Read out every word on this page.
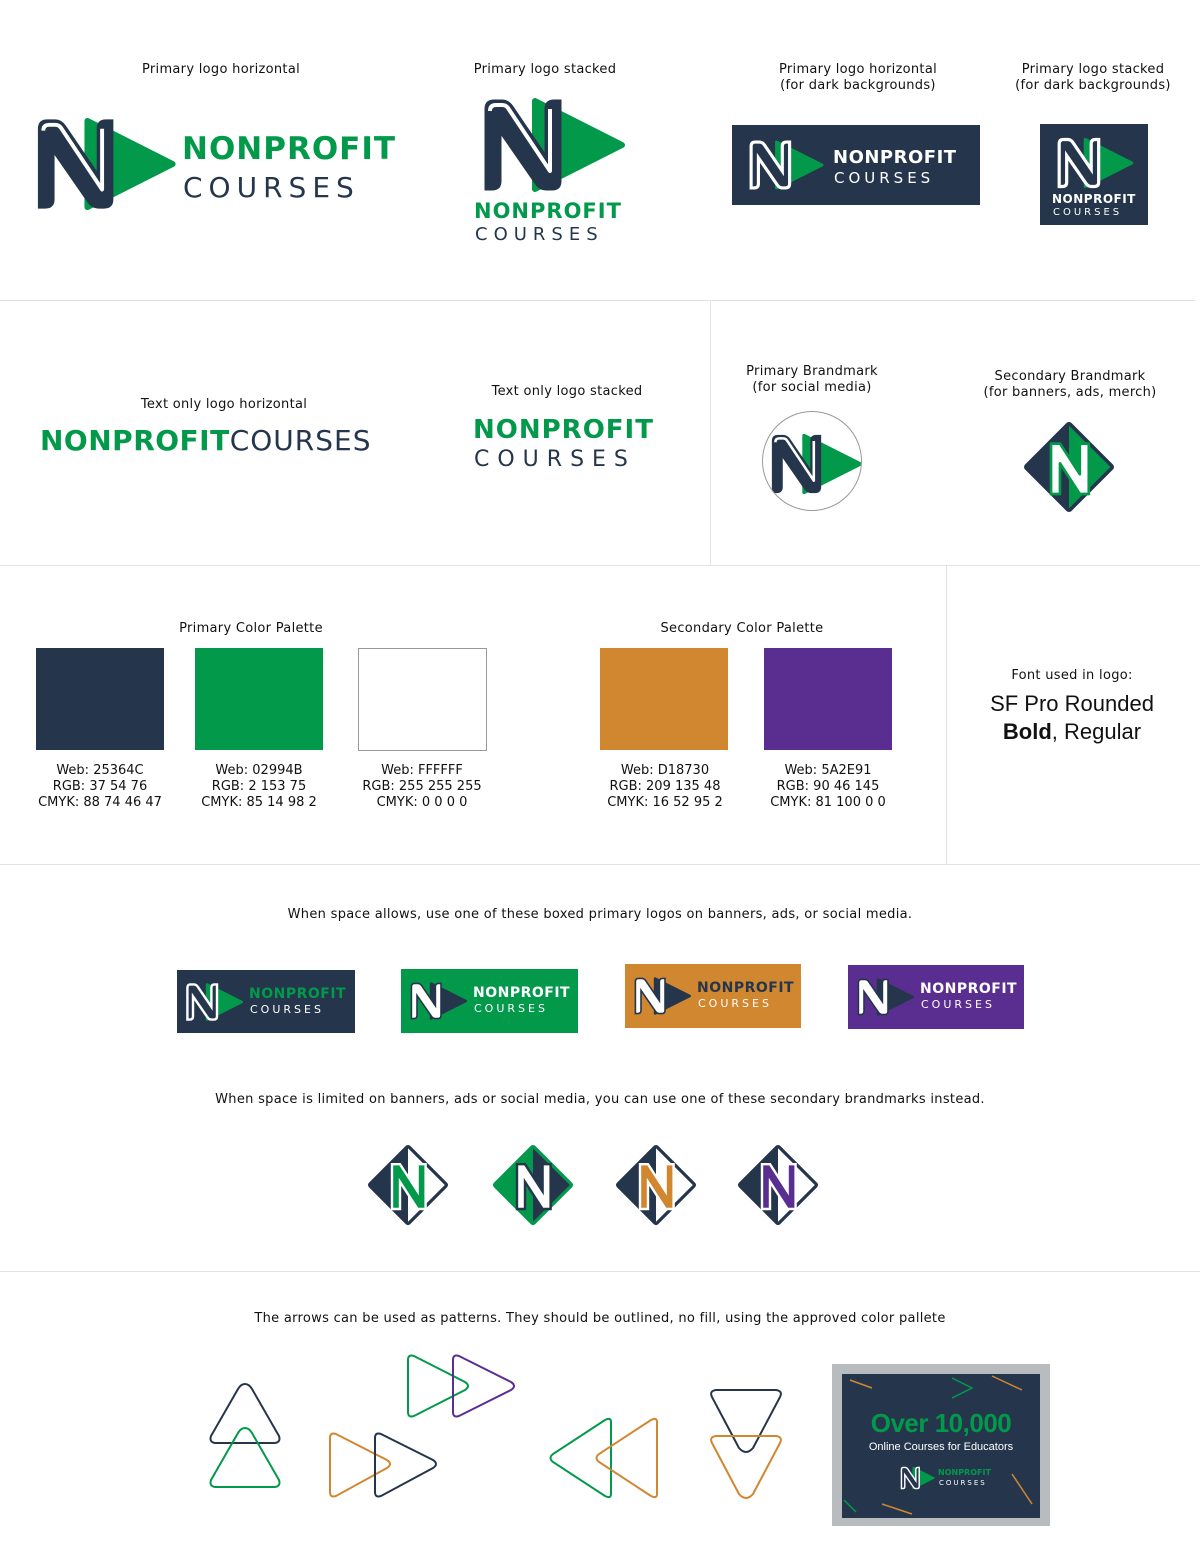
Primary logo horizontal	Primary logo stacked	Primary logo horizontal
(for dark backgrounds)
Primary logo stacked
(for dark backgrounds)
NONPROFIT
COURSES
NONPROFIT
COURSES
NONPROFIT
COURSES
NONPROFIT
COURSES
Text only logo horizontal
NONPROFITCOURSES
Text only logo stacked
NONPROFIT
COURSES
Primary Brandmark
(for social media)
Secondary Brandmark
(for banners, ads, merch)
Primary Color Palette	Secondary Color Palette
Web: 25364C
RGB: 37 54 76
CMYK: 88 74 46 47
Web: 02994B
RGB: 2 153 75
CMYK: 85 14 98 2
Web: FFFFFF
RGB: 255 255 255
CMYK: 0 0 0 0
Web: D18730
RGB: 209 135 48
CMYK: 16 52 95 2
Web: 5A2E91
RGB: 90 46 145
CMYK: 81 100 0 0
Font used in logo:
SF Pro Rounded
Bold, Regular
When space allows, use one of these boxed primary logos on banners, ads, or social media.
NONPROFIT
COURSES
NONPROFIT
COURSES
NONPROFIT
COURSES
NONPROFIT
COURSES
When space is limited on banners, ads or social media, you can use one of these secondary brandmarks instead.
The arrows can be used as patterns. They should be outlined, no fill, using the approved color pallete
Over 10,000
Online Courses for Educators
NONPROFIT
COURSES
